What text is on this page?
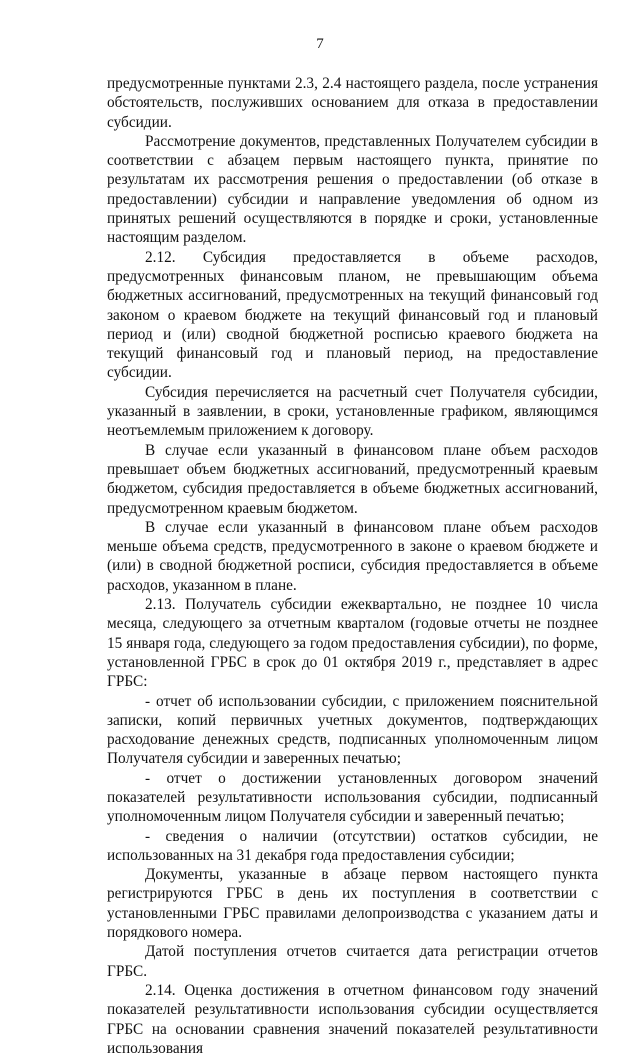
7

предусмотренные пунктами 2.3, 2.4 настоящего раздела, после устранения обстоятельств, послуживших основанием для отказа в предоставлении субсидии.

Рассмотрение документов, представленных Получателем субсидии в соответствии с абзацем первым настоящего пункта, принятие по результатам их рассмотрения решения о предоставлении (об отказе в предоставлении) субсидии и направление уведомления об одном из принятых решений осуществляются в порядке и сроки, установленные настоящим разделом.

2.12. Субсидия предоставляется в объеме расходов, предусмотренных финансовым планом, не превышающим объема бюджетных ассигнований, предусмотренных на текущий финансовый год законом о краевом бюджете на текущий финансовый год и плановый период и (или) сводной бюджетной росписью краевого бюджета на текущий финансовый год и плановый период, на предоставление субсидии.

Субсидия перечисляется на расчетный счет Получателя субсидии, указанный в заявлении, в сроки, установленные графиком, являющимся неотъемлемым приложением к договору.

В случае если указанный в финансовом плане объем расходов превышает объем бюджетных ассигнований, предусмотренный краевым бюджетом, субсидия предоставляется в объеме бюджетных ассигнований, предусмотренном краевым бюджетом.

В случае если указанный в финансовом плане объем расходов меньше объема средств, предусмотренного в законе о краевом бюджете и (или) в сводной бюджетной росписи, субсидия предоставляется в объеме расходов, указанном в плане.

2.13. Получатель субсидии ежеквартально, не позднее 10 числа месяца, следующего за отчетным кварталом (годовые отчеты не позднее 15 января года, следующего за годом предоставления субсидии), по форме, установленной ГРБС в срок до 01 октября 2019 г., представляет в адрес ГРБС:

- отчет об использовании субсидии, с приложением пояснительной записки, копий первичных учетных документов, подтверждающих расходование денежных средств, подписанных уполномоченным лицом Получателя субсидии и заверенных печатью;

- отчет о достижении установленных договором значений показателей результативности использования субсидии, подписанный уполномоченным лицом Получателя субсидии и заверенный печатью;

- сведения о наличии (отсутствии) остатков субсидии, не использованных на 31 декабря года предоставления субсидии;

Документы, указанные в абзаце первом настоящего пункта регистрируются ГРБС в день их поступления в соответствии с установленными ГРБС правилами делопроизводства с указанием даты и порядкового номера.

Датой поступления отчетов считается дата регистрации отчетов ГРБС.

2.14. Оценка достижения в отчетном финансовом году значений показателей результативности использования субсидии осуществляется ГРБС на основании сравнения значений показателей результативности использования
